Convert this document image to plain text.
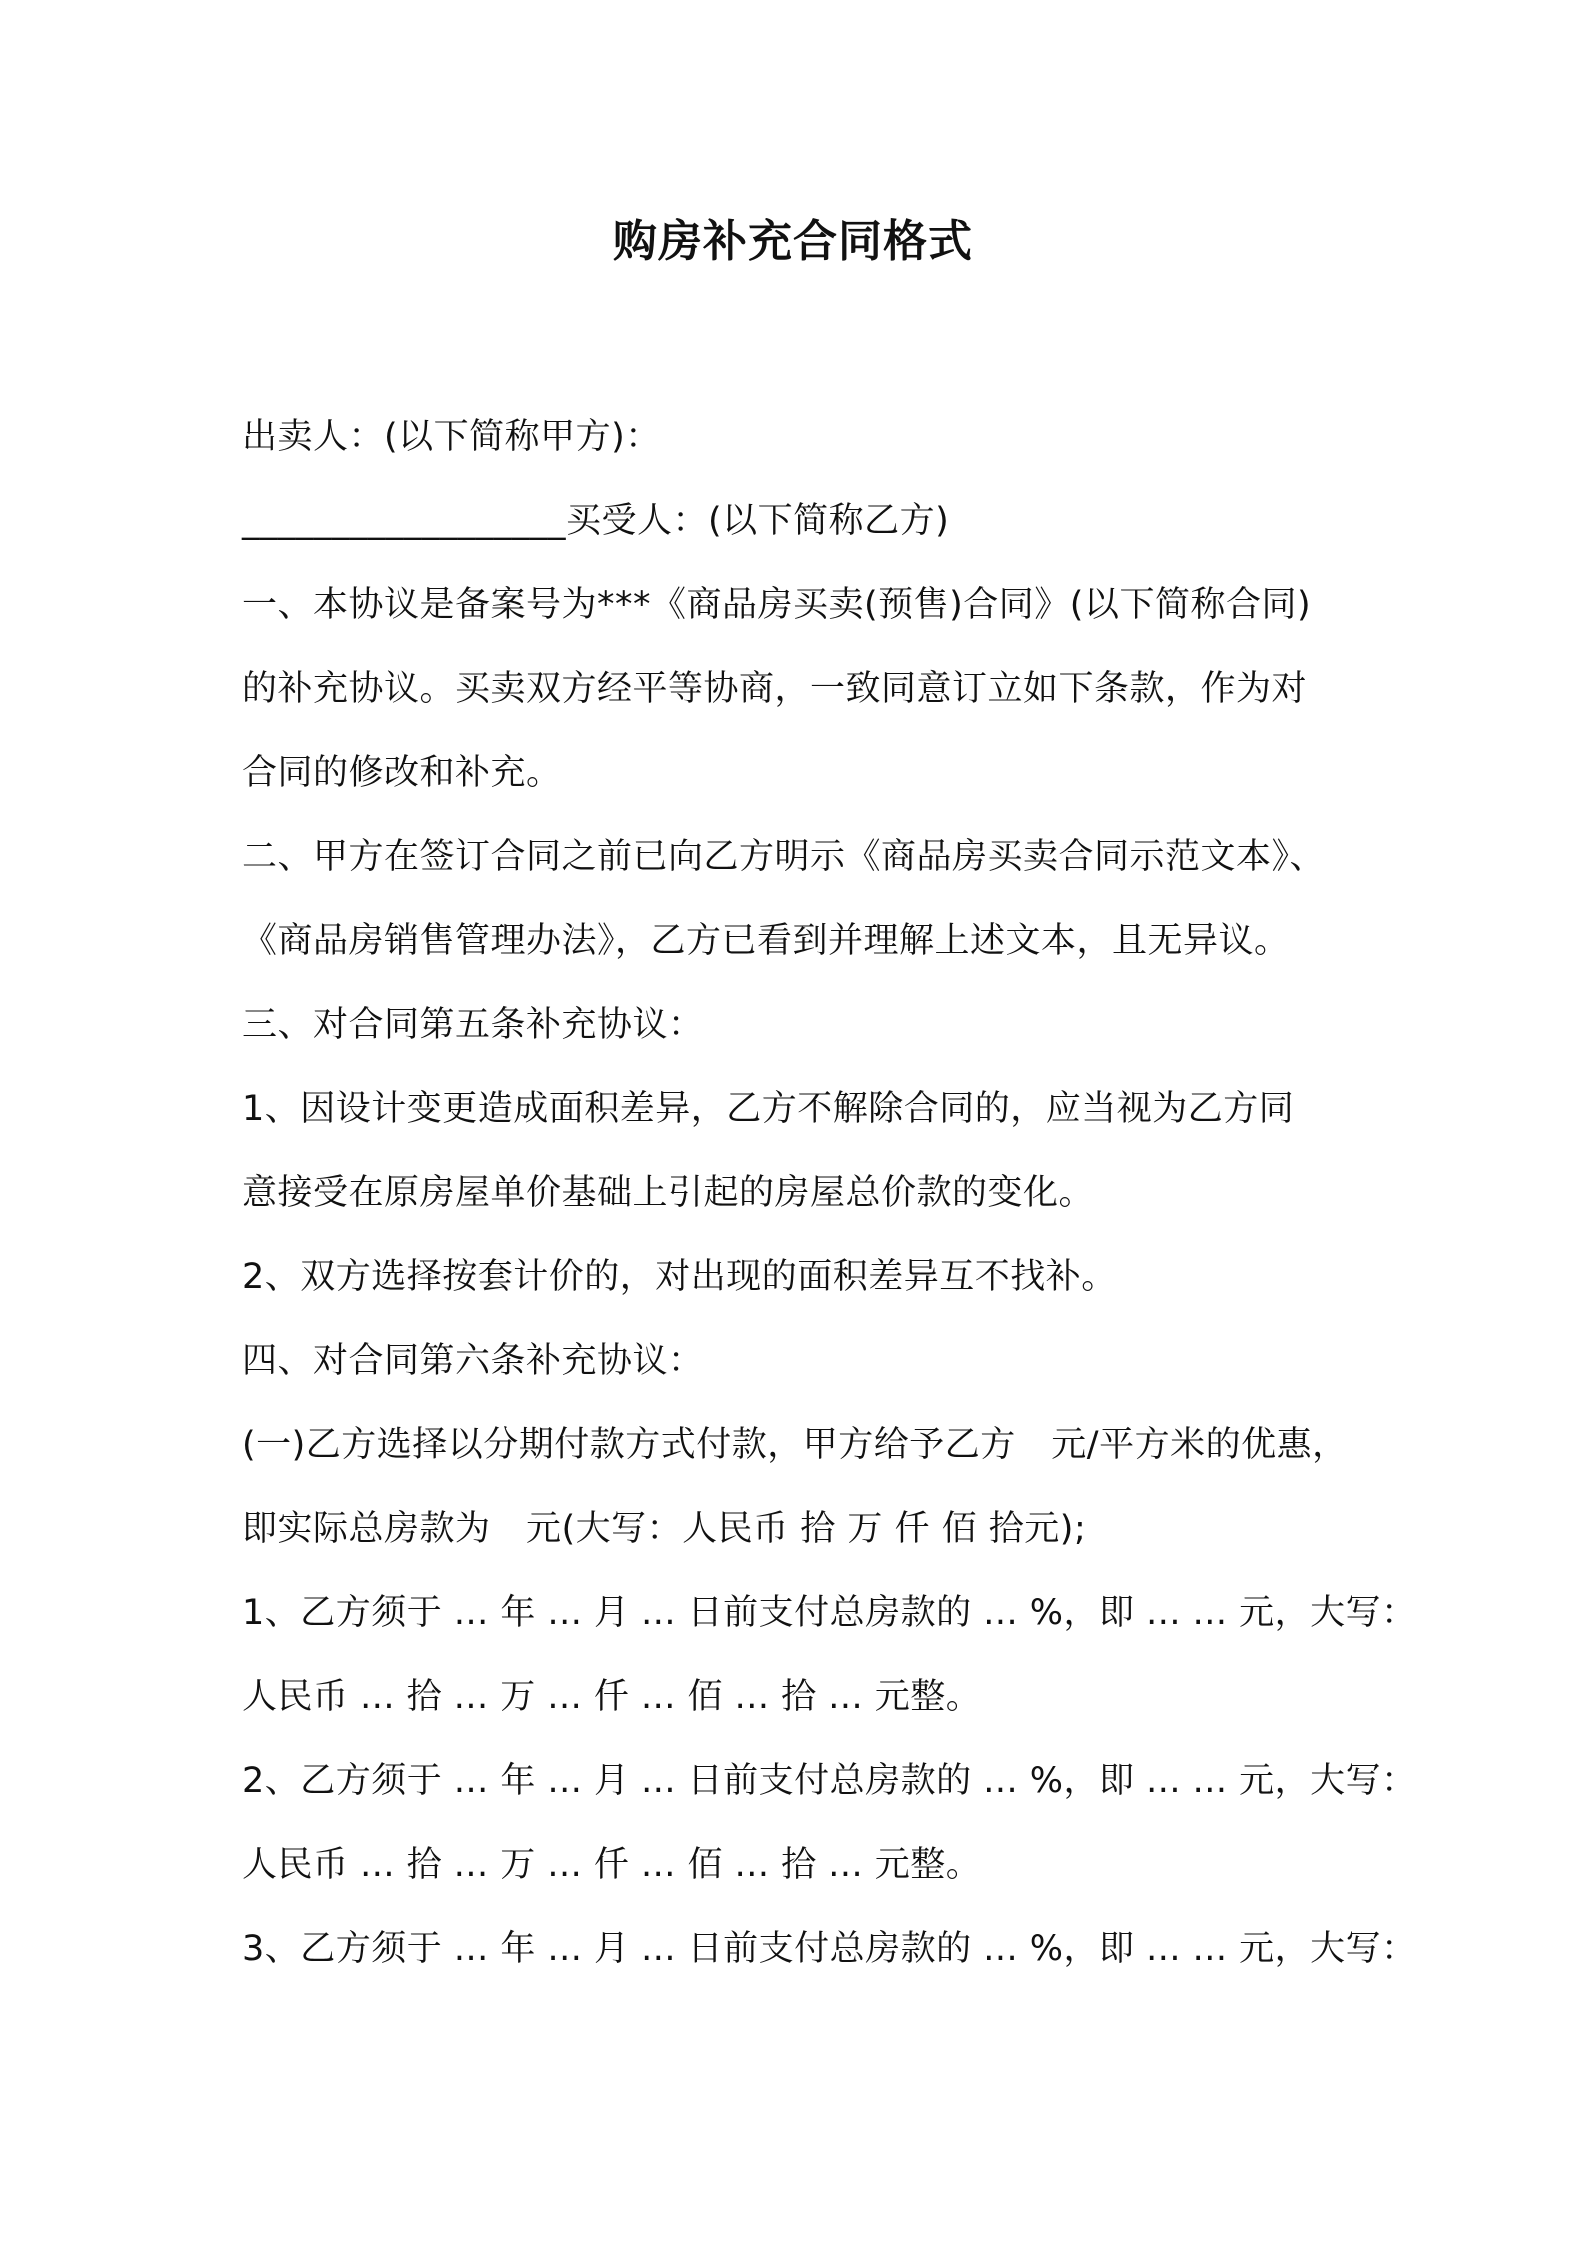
购房补充合同格式
出卖人：(以下简称甲方)：
__________________买受人：(以下简称乙方)
一、本协议是备案号为***《商品房买卖(预售)合同》(以下简称合同)
的补充协议。买卖双方经平等协商，一致同意订立如下条款，作为对
合同的修改和补充。
二、甲方在签订合同之前已向乙方明示《商品房买卖合同示范文本》、
《商品房销售管理办法》，乙方已看到并理解上述文本，且无异议。
三、对合同第五条补充协议：
1、因设计变更造成面积差异，乙方不解除合同的，应当视为乙方同
意接受在原房屋单价基础上引起的房屋总价款的变化。
2、双方选择按套计价的，对出现的面积差异互不找补。
四、对合同第六条补充协议：
(一)乙方选择以分期付款方式付款，甲方给予乙方　元/平方米的优惠，
即实际总房款为　元(大写：人民币 拾 万 仟 佰 拾元);
1、乙方须于 ... 年 ... 月 ... 日前支付总房款的 ... %，即 ... ... 元，大写：
人民币 ... 拾 ... 万 ... 仟 ... 佰 ... 拾 ... 元整。
2、乙方须于 ... 年 ... 月 ... 日前支付总房款的 ... %，即 ... ... 元，大写：
人民币 ... 拾 ... 万 ... 仟 ... 佰 ... 拾 ... 元整。
3、乙方须于 ... 年 ... 月 ... 日前支付总房款的 ... %，即 ... ... 元，大写：
